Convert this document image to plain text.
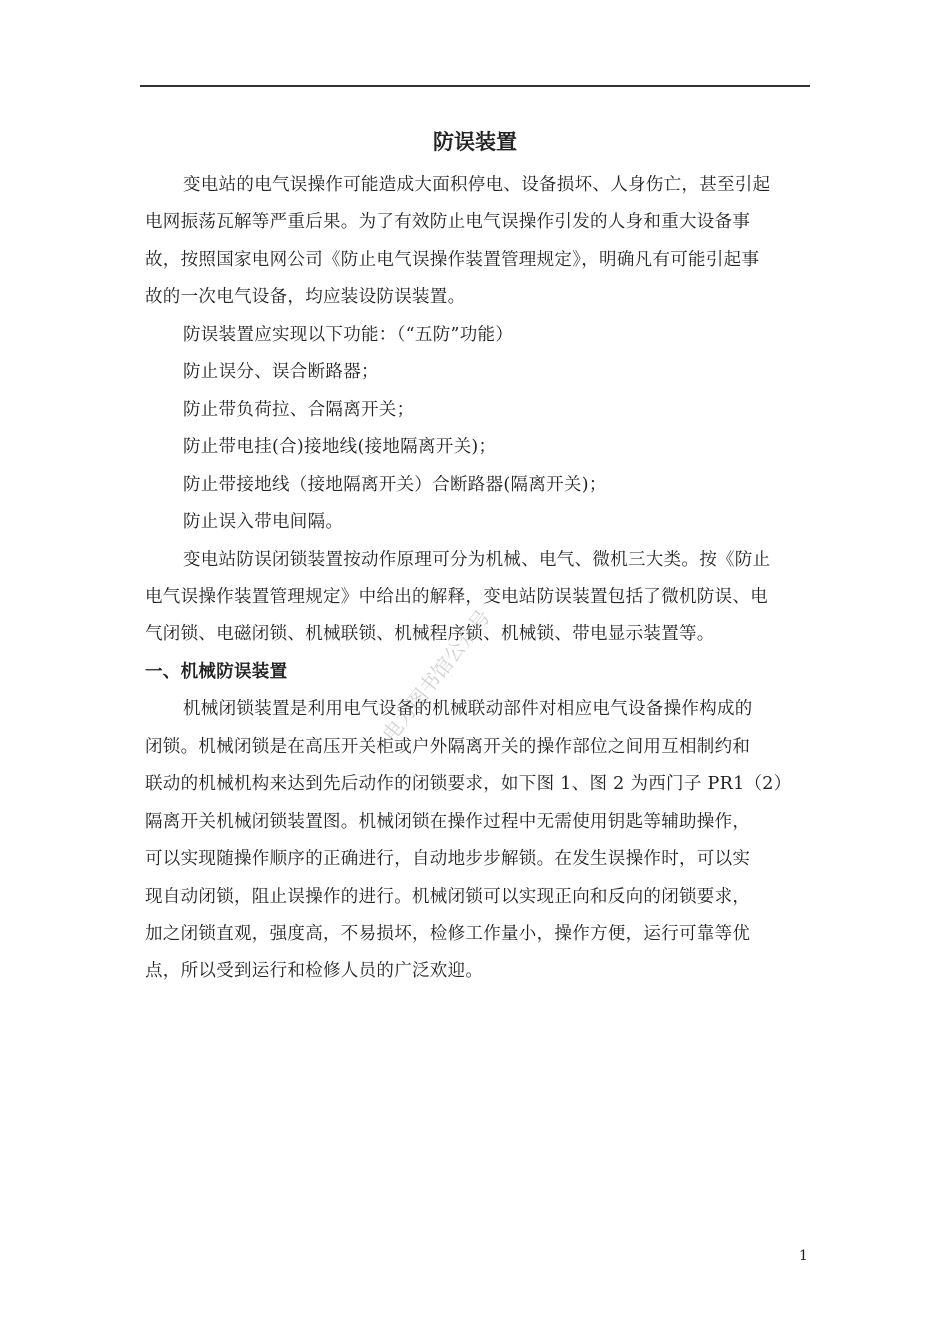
防误装置
变电站的电气误操作可能造成大面积停电、设备损坏、人身伤亡，甚至引起
电网振荡瓦解等严重后果。为了有效防止电气误操作引发的人身和重大设备事
故，按照国家电网公司《防止电气误操作装置管理规定》，明确凡有可能引起事
故的一次电气设备，均应装设防误装置。
防误装置应实现以下功能：（“五防”功能）
防止误分、误合断路器；
防止带负荷拉、合隔离开关；
防止带电挂(合)接地线(接地隔离开关)；
防止带接地线（接地隔离开关）合断路器(隔离开关)；
防止误入带电间隔。
变电站防误闭锁装置按动作原理可分为机械、电气、微机三大类。按《防止
电气误操作装置管理规定》中给出的解释，变电站防误装置包括了微机防误、电
气闭锁、电磁闭锁、机械联锁、机械程序锁、机械锁、带电显示装置等。
一、机械防误装置
机械闭锁装置是利用电气设备的机械联动部件对相应电气设备操作构成的
闭锁。机械闭锁是在高压开关柜或户外隔离开关的操作部位之间用互相制约和
联动的机械机构来达到先后动作的闭锁要求，如下图 1、图 2 为西门子 PR1（2）
隔离开关机械闭锁装置图。机械闭锁在操作过程中无需使用钥匙等辅助操作，
可以实现随操作顺序的正确进行，自动地步步解锁。在发生误操作时，可以实
现自动闭锁，阻止误操作的进行。机械闭锁可以实现正向和反向的闭锁要求，
加之闭锁直观，强度高，不易损坏，检修工作量小，操作方便，运行可靠等优
点，所以受到运行和检修人员的广泛欢迎。
电力图书馆公众号
1
